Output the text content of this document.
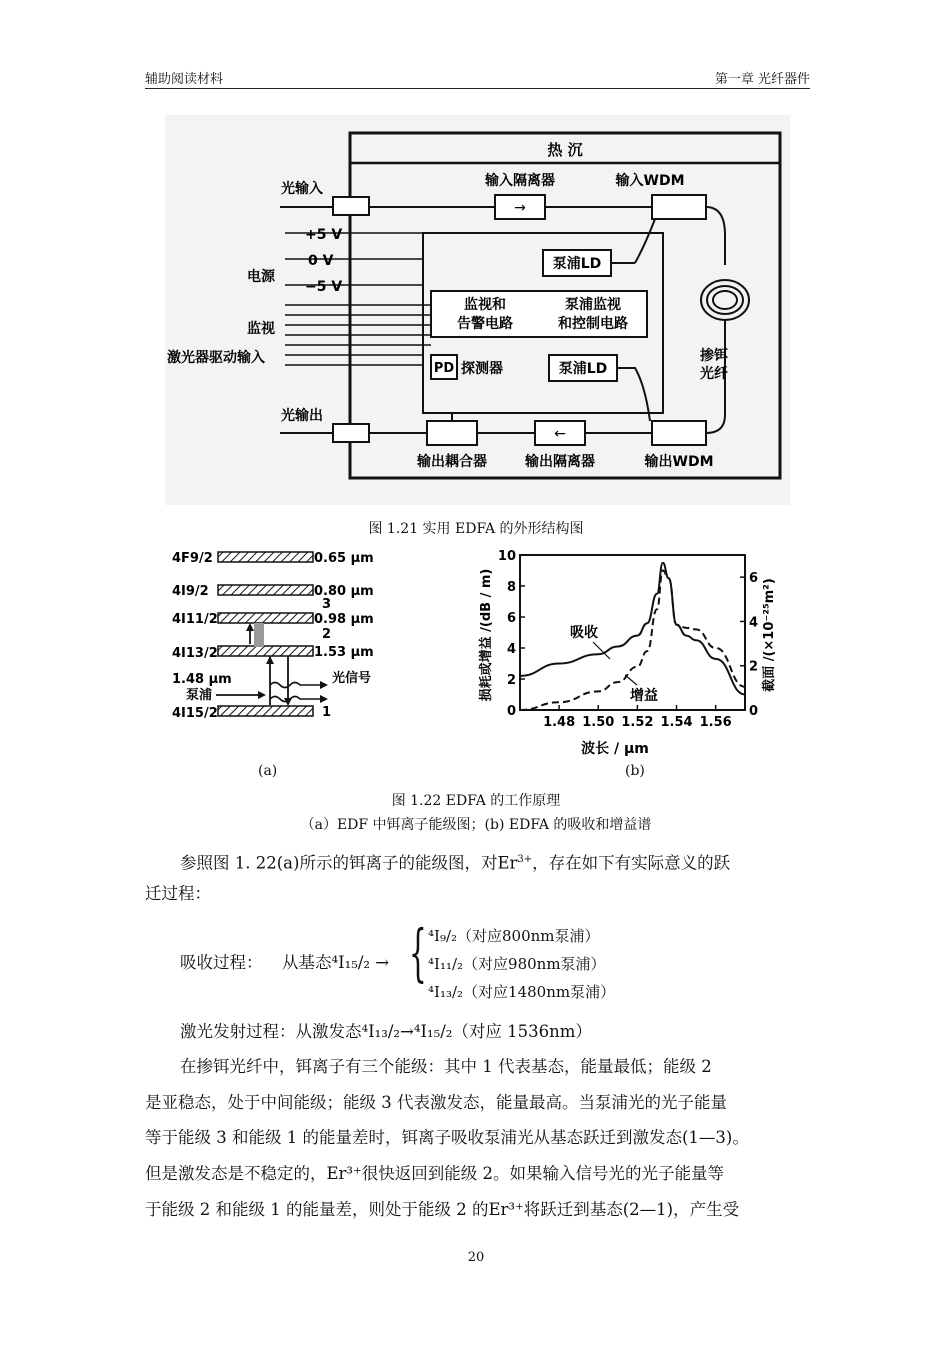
辅助阅读材料	第一章 光纤器件
热 沉
输入隔离器	输入WDM
→
光输入
掺铒
光纤
泵浦LD
监视和
告警电路
泵浦监视
和控制电路
PD 探测器	泵浦LD
+5 V
0 V
−5 V
电源
监视
激光器驱动输入
光输出
←
输出耦合器	输出隔离器	输出WDM
图 1.21 实用 EDFA 的外形结构图
4F9/2	0.65 μm
4I9/2	0.80 μm
3
4I11/2	0.98 μm
2
4I13/2	1.53 μm
1.48 μm
泵浦
光信号
4I15/2	1
(a)
1.48 1.50 1.52 1.54 1.56
0
2
4
6
8
10
0
2
4
6
损耗或增益 /(dB / m)	截面 /(×10⁻²⁵m²)
波长 / μm
吸收
增益
(b)
图 1.22 EDFA 的工作原理
（a）EDF 中铒离子能级图；(b) EDFA 的吸收和增益谱
参照图 1. 22(a)所示的铒离子的能级图，对$Er^{3+}$，存在如下有实际意义的跃
迁过程：
吸收过程： 从基态⁴I₁₅/₂ → { ⁴I₉/₂（对应800nm泵浦）
⁴I₁₁/₂（对应980nm泵浦）
⁴I₁₃/₂（对应1480nm泵浦）
激光发射过程：从激发态⁴I₁₃/₂→⁴I₁₅/₂（对应 1536nm）
在掺铒光纤中，铒离子有三个能级：其中 1 代表基态，能量最低；能级 2
是亚稳态，处于中间能级；能级 3 代表激发态，能量最高。当泵浦光的光子能量
等于能级 3 和能级 1 的能量差时，铒离子吸收泵浦光从基态跃迁到激发态(1—3)。
但是激发态是不稳定的，Er³⁺很快返回到能级 2。如果输入信号光的光子能量等
于能级 2 和能级 1 的能量差，则处于能级 2 的Er³⁺将跃迁到基态(2—1)，产生受
20
